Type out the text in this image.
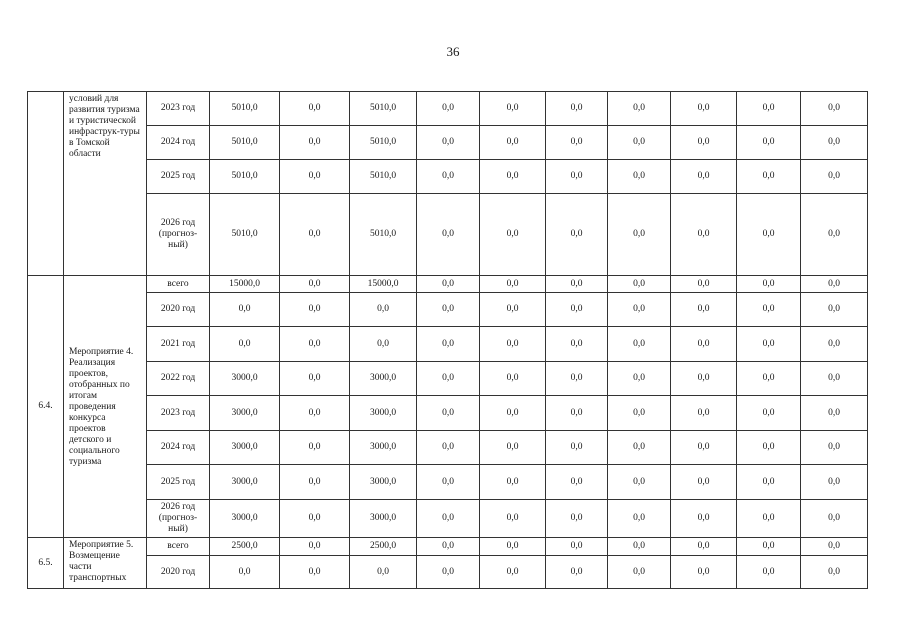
36
	условий для развития туризма и туристической инфраструк-туры в Томской области	2023 год	5010,0	0,0	5010,0	0,0	0,0	0,0	0,0	0,0	0,0	0,0
		2024 год	5010,0	0,0	5010,0	0,0	0,0	0,0	0,0	0,0	0,0	0,0
		2025 год	5010,0	0,0	5010,0	0,0	0,0	0,0	0,0	0,0	0,0	0,0
		2026 год (прогноз-ный)	5010,0	0,0	5010,0	0,0	0,0	0,0	0,0	0,0	0,0	0,0
6.4.	Мероприятие 4. Реализация проектов, отобранных по итогам проведения конкурса проектов детского и социального туризма	всего	15000,0	0,0	15000,0	0,0	0,0	0,0	0,0	0,0	0,0	0,0
		2020 год	0,0	0,0	0,0	0,0	0,0	0,0	0,0	0,0	0,0	0,0
		2021 год	0,0	0,0	0,0	0,0	0,0	0,0	0,0	0,0	0,0	0,0
		2022 год	3000,0	0,0	3000,0	0,0	0,0	0,0	0,0	0,0	0,0	0,0
		2023 год	3000,0	0,0	3000,0	0,0	0,0	0,0	0,0	0,0	0,0	0,0
		2024 год	3000,0	0,0	3000,0	0,0	0,0	0,0	0,0	0,0	0,0	0,0
		2025 год	3000,0	0,0	3000,0	0,0	0,0	0,0	0,0	0,0	0,0	0,0
		2026 год (прогноз-ный)	3000,0	0,0	3000,0	0,0	0,0	0,0	0,0	0,0	0,0	0,0
6.5.	Мероприятие 5. Возмещение части транспортных	всего	2500,0	0,0	2500,0	0,0	0,0	0,0	0,0	0,0	0,0	0,0
		2020 год	0,0	0,0	0,0	0,0	0,0	0,0	0,0	0,0	0,0	0,0
